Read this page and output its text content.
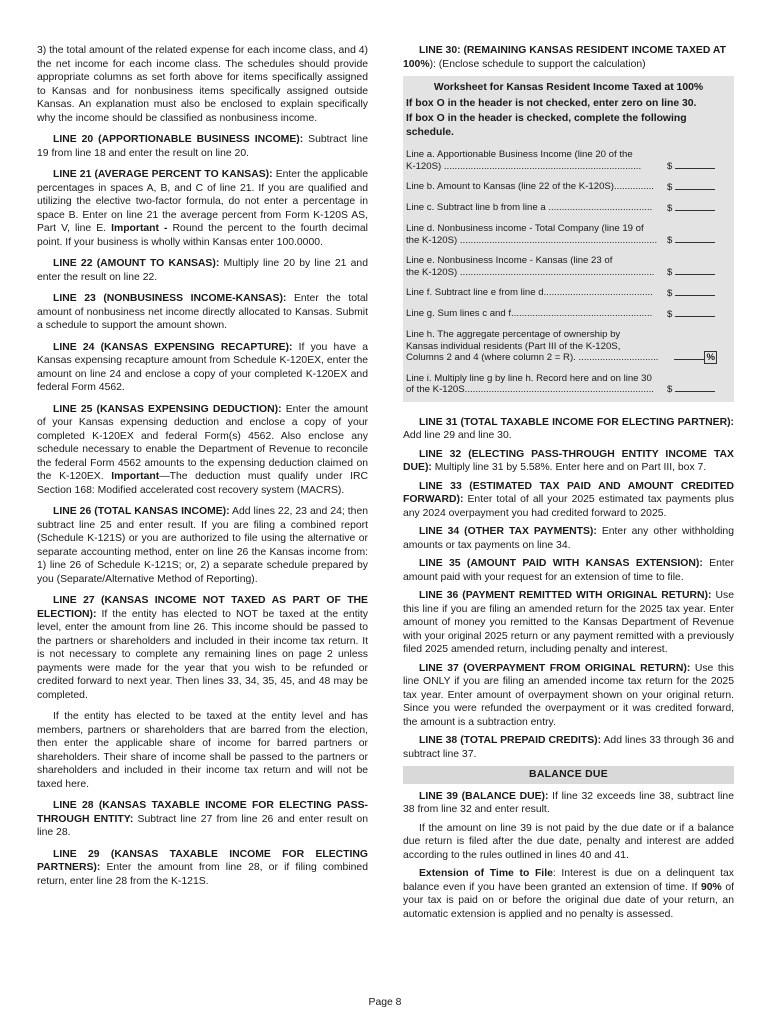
3) the total amount of the related expense for each income class, and 4) the net income for each income class. The schedules should provide appropriate columns as set forth above for items specifically assigned to Kansas and for nonbusiness items specifically assigned outside Kansas. An explanation must also be enclosed to explain specifically why the income should be classified as nonbusiness income.

LINE 20 (APPORTIONABLE BUSINESS INCOME): Subtract line 19 from line 18 and enter the result on line 20.

LINE 21 (AVERAGE PERCENT TO KANSAS): Enter the applicable percentages in spaces A, B, and C of line 21. If you are qualified and utilizing the elective two-factor formula, do not enter a percentage in space B. Enter on line 21 the average percent from Form K-120S AS, Part V, line E. Important - Round the percent to the fourth decimal point. If your business is wholly within Kansas enter 100.0000.

LINE 22 (AMOUNT TO KANSAS): Multiply line 20 by line 21 and enter the result on line 22.

LINE 23 (NONBUSINESS INCOME-KANSAS): Enter the total amount of nonbusiness net income directly allocated to Kansas. Submit a schedule to support the amount shown.

LINE 24 (KANSAS EXPENSING RECAPTURE): If you have a Kansas expensing recapture amount from Schedule K-120EX, enter the amount on line 24 and enclose a copy of your completed K-120EX and federal Form 4562.

LINE 25 (KANSAS EXPENSING DEDUCTION): Enter the amount of your Kansas expensing deduction and enclose a copy of your completed K-120EX and federal Form(s) 4562. Also enclose any schedule necessary to enable the Department of Revenue to reconcile the federal Form 4562 amounts to the expensing deduction claimed on the K-120EX. Important—The deduction must qualify under IRC Section 168: Modified accelerated cost recovery system (MACRS).

LINE 26 (TOTAL KANSAS INCOME): Add lines 22, 23 and 24; then subtract line 25 and enter result. If you are filing a combined report (Schedule K-121S) or you are authorized to file using the alternative or separate accounting method, enter on line 26 the Kansas income from: 1) line 26 of Schedule K-121S; or, 2) a separate schedule prepared by you (Separate/Alternative Method of Reporting).

LINE 27 (KANSAS INCOME NOT TAXED AS PART OF THE ELECTION): If the entity has elected to NOT be taxed at the entity level, enter the amount from line 26. This income should be passed to the partners or shareholders and included in their income tax return. It is not necessary to complete any remaining lines on page 2 unless payments were made for the year that you wish to be refunded or credited forward to next year. Then lines 33, 34, 35, 45, and 48 may be completed.

If the entity has elected to be taxed at the entity level and has members, partners or shareholders that are barred from the election, then enter the applicable share of income for barred partners or shareholders. Their share of income shall be passed to the partners or shareholders and included in their income tax return and will not be taxed here.

LINE 28 (KANSAS TAXABLE INCOME FOR ELECTING PASS-THROUGH ENTITY: Subtract line 27 from line 26 and enter result on line 28.

LINE 29 (KANSAS TAXABLE INCOME FOR ELECTING PARTNERS): Enter the amount from line 28, or if filing combined return, enter line 28 from the K-121S.

LINE 30: (REMAINING KANSAS RESIDENT INCOME TAXED AT 100%): (Enclose schedule to support the calculation)

Worksheet for Kansas Resident Income Taxed at 100%
If box O in the header is not checked, enter zero on line 30.
If box O in the header is checked, complete the following schedule.
Line a. Apportionable Business Income (line 20 of the
K-120S) ..........................................................................	$
Line b. Amount to Kansas (line 22 of the K-120S)...............	$
Line c. Subtract line b from line a .......................................	$
Line d. Nonbusiness income - Total Company (line 19 of
the K-120S) ..........................................................................	$
Line e. Nonbusiness Income - Kansas (line 23 of
the K-120S) .........................................................................	$
Line f. Subtract line e from line d.........................................	$
Line g. Sum lines c and f.....................................................	$
Line h. The aggregate percentage of ownership by
Kansas individual residents (Part III of the K-120S,
Columns 2 and 4 (where column 2 = R). ..............................	%
Line i. Multiply line g by line h. Record here and on line 30
of the K-120S.......................................................................	$

LINE 31 (TOTAL TAXABLE INCOME FOR ELECTING PARTNER): Add line 29 and line 30.

LINE 32 (ELECTING PASS-THROUGH ENTITY INCOME TAX DUE): Multiply line 31 by 5.58%. Enter here and on Part III, box 7.

LINE 33 (ESTIMATED TAX PAID AND AMOUNT CREDITED FORWARD): Enter total of all your 2025 estimated tax payments plus any 2024 overpayment you had credited forward to 2025.

LINE 34 (OTHER TAX PAYMENTS): Enter any other withholding amounts or tax payments on line 34.

LINE 35 (AMOUNT PAID WITH KANSAS EXTENSION): Enter amount paid with your request for an extension of time to file.

LINE 36 (PAYMENT REMITTED WITH ORIGINAL RETURN): Use this line if you are filing an amended return for the 2025 tax year. Enter amount of money you remitted to the Kansas Department of Revenue with your original 2025 return or any payment remitted with a previously filed 2025 amended return, including penalty and interest.

LINE 37 (OVERPAYMENT FROM ORIGINAL RETURN): Use this line ONLY if you are filing an amended income tax return for the 2025 tax year. Enter amount of overpayment shown on your original return. Since you were refunded the overpayment or it was credited forward, the amount is a subtraction entry.

LINE 38 (TOTAL PREPAID CREDITS): Add lines 33 through 36 and subtract line 37.

BALANCE DUE

LINE 39 (BALANCE DUE): If line 32 exceeds line 38, subtract line 38 from line 32 and enter result.

If the amount on line 39 is not paid by the due date or if a balance due return is filed after the due date, penalty and interest are added according to the rules outlined in lines 40 and 41.

Extension of Time to File: Interest is due on a delinquent tax balance even if you have been granted an extension of time. If 90% of your tax is paid on or before the original due date of your return, an automatic extension is applied and no penalty is assessed.

Page 8
